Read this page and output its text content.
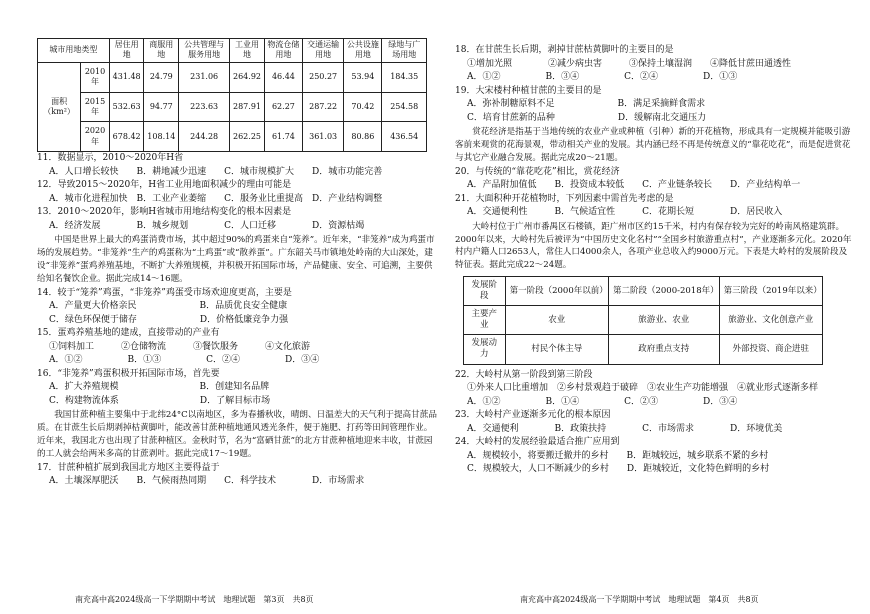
城市用地类型		居住用地	商服用地	公共管理与服务用地	工业用地	物流仓储用地	交通运输用地	公共设施用地	绿地与广场用地
面积（km²）	2010年	431.48	24.79	231.06	264.92	46.44	250.27	53.94	184.35
	2015年	532.63	94.77	223.63	287.91	62.27	287.22	70.42	254.58
	2020年	678.42	108.14	244.28	262.25	61.74	361.03	80.86	436.54
11．数据显示，2010～2020年H省
A．人口增长较快　　B．耕地减少迅速　　C．城市规模扩大　　D．城市功能完善
12．导致2015～2020年，H省工业用地面积减少的理由可能是
A．城市化进程加快　B．工业产业萎缩　　C．服务业比重提高　D．产业结构调整
13．2010～2020年，影响H省城市用地结构变化的根本因素是
A．经济发展　　　　B．城乡规划　　　　C．人口迁移　　　　D．资源枯竭
中国是世界上最大的鸡蛋消费市场，其中超过90%的鸡蛋来自“笼养”。近年来，“非笼养”成为鸡蛋市场的发展趋势。“非笼养”生产的鸡蛋称为“土鸡蛋”或“散养蛋”。广东韶关马市镇地处岭南的大山深处，建设“非笼养”蛋鸡养殖基地，不断扩大养殖规模，并积极开拓国际市场，产品健康、安全、可追溯，主要供给知名餐饮企业。据此完成14～16题。
14．较于“笼养”鸡蛋，“非笼养”鸡蛋受市场欢迎度更高，主要是
A．产量更大价格亲民　　　　　　　B．品质优良安全健康
C．绿色环保便于储存　　　　　　　D．价格低廉竞争力强
15．蛋鸡养殖基地的建成，直接带动的产业有
①饲料加工　　　②仓储物流　　　③餐饮服务　　　④文化旅游
A．①②　　　　　B．①③　　　　　C．②④　　　　　D．③④
16．“非笼养”鸡蛋积极开拓国际市场，首先要
A．扩大养殖规模　　　　　　　　　B．创建知名品牌
C．构建物流体系　　　　　　　　　D．了解目标市场
我国甘蔗种植主要集中于北纬24°C以南地区，多为春播秋收，晴朗、日温差大的天气利于提高甘蔗品质。在甘蔗生长后期剥掉枯黄脚叶，能改善甘蔗种植地通风透光条件，便于施肥、打药等田间管理作业。近年来，我国北方也出现了甘蔗种植区。金秋时节，名为“富硒甘蔗”的北方甘蔗种植地迎来丰收，甘蔗园的工人就会给两米多高的甘蔗剥叶。据此完成17～19题。
17．甘蔗种植扩展到我国北方地区主要得益于
A．土壤深厚肥沃　　B．气候雨热同期　　C．科学技术　　　　D．市场需求
18．在甘蔗生长后期，剥掉甘蔗枯黄脚叶的主要目的是
①增加光照　　　　②减少病虫害　　　③保持土壤湿润　　④降低甘蔗田通透性
A．①②　　　　　B．③④　　　　　C．②④　　　　　D．①③
19．大宋楼村种植甘蔗的主要目的是
A．弥补制糖原料不足　　　　　　　B．满足采摘鲜食需求
C．培育甘蔗新的品种　　　　　　　D．缓解南北交通压力
赏花经济是指基于当地传统的农业产业或种植（引种）新的开花植物，形成具有一定规模并能吸引游客前来观赏的花海景观，带动相关产业的发展。其内涵已经不再是传统意义的“靠花吃花”，而是促进赏花与其它产业融合发展。据此完成20～21题。
20．与传统的“靠花吃花”相比，赏花经济
A．产品附加值低　　B．投资成本较低　　C．产业链条较长　　D．产业结构单一
21．大面积种开花植物时，下列因素中需首先考虑的是
A．交通便利性　　　B．气候适宜性　　　C．花期长短　　　　D．居民收入
大岭村位于广州市番禺区石楼镇，距广州市区约15千米，村内有保存较为完好的岭南风格建筑群。2000年以来，大岭村先后被评为“中国历史文化名村”“全国乡村旅游重点村”，产业逐渐多元化。2020年村内户籍人口2653人，常住人口4000余人，各项产业总收入约9000万元。下表是大岭村的发展阶段及特征表。据此完成22～24题。
发展阶段	第一阶段（2000年以前）	第二阶段（2000-2018年）	第三阶段（2019年以来）
主要产业	农业	旅游业、农业	旅游业、文化创意产业
发展动力	村民个体主导	政府重点支持	外部投资、商企进驻
22．大岭村从第一阶段到第三阶段
①外来人口比重增加　②乡村景观趋于破碎　③农业生产功能增强　④就业形式逐渐多样
A．①②　　　　　B．①④　　　　　C．②③　　　　　D．③④
23．大岭村产业逐渐多元化的根本原因
A．交通便利　　　　B．政策扶持　　　　C．市场需求　　　　D．环境优美
24．大岭村的发展经验最适合推广应用到
A．规模较小，将要搬迁撤并的乡村　　B．距城较远，城乡联系不紧的乡村
C．规模较大，人口不断减少的乡村　　D．距城较近，文化特色鲜明的乡村
南充高中高2024级高一下学期期中考试　地理试题　第3页　共8页	南充高中高2024级高一下学期期中考试　地理试题　第4页　共8页
